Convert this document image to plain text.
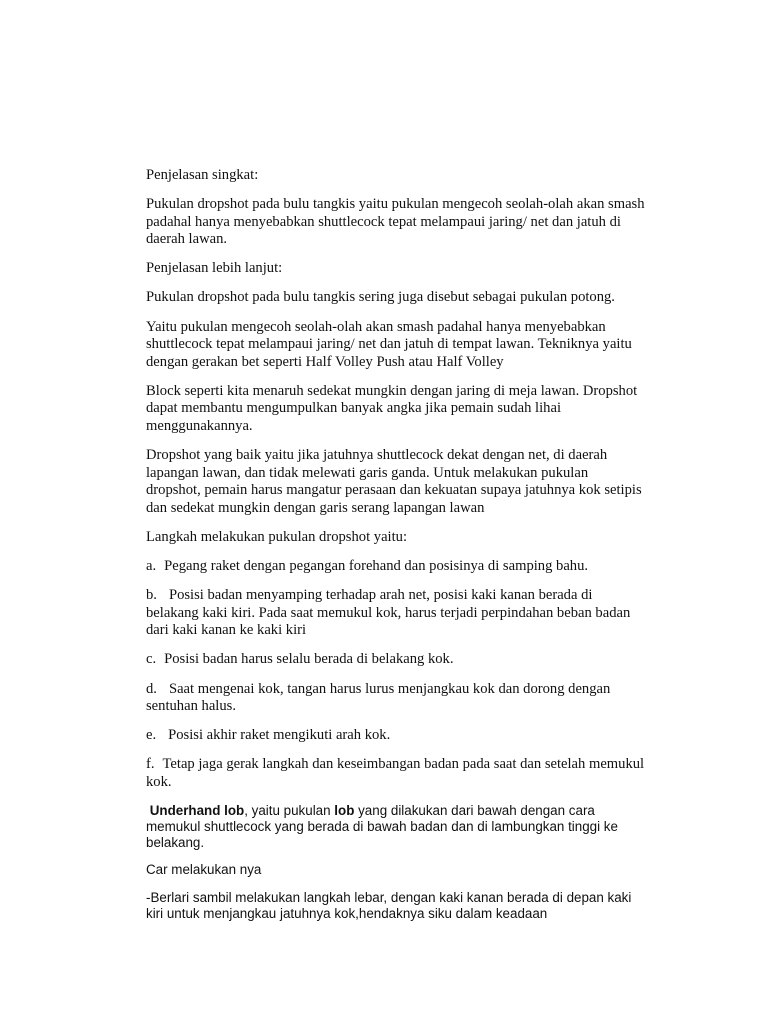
Penjelasan singkat:

Pukulan dropshot pada bulu tangkis yaitu pukulan mengecoh seolah-olah akan smash padahal hanya menyebabkan shuttlecock tepat melampaui jaring/ net dan jatuh di daerah lawan.

Penjelasan lebih lanjut:

Pukulan dropshot pada bulu tangkis sering juga disebut sebagai pukulan potong.

Yaitu pukulan mengecoh seolah-olah akan smash padahal hanya menyebabkan shuttlecock tepat melampaui jaring/ net dan jatuh di tempat lawan. Tekniknya yaitu dengan gerakan bet seperti Half Volley Push atau Half Volley

Block seperti kita menaruh sedekat mungkin dengan jaring di meja lawan. Dropshot dapat membantu mengumpulkan banyak angka jika pemain sudah lihai menggunakannya.

Dropshot yang baik yaitu jika jatuhnya shuttlecock dekat dengan net, di daerah lapangan lawan, dan tidak melewati garis ganda. Untuk melakukan pukulan dropshot, pemain harus mangatur perasaan dan kekuatan supaya jatuhnya kok setipis dan sedekat mungkin dengan garis serang lapangan lawan

Langkah melakukan pukulan dropshot yaitu:

a. Pegang raket dengan pegangan forehand dan posisinya di samping bahu.

b. Posisi badan menyamping terhadap arah net, posisi kaki kanan berada di belakang kaki kiri. Pada saat memukul kok, harus terjadi perpindahan beban badan dari kaki kanan ke kaki kiri

c. Posisi badan harus selalu berada di belakang kok.

d. Saat mengenai kok, tangan harus lurus menjangkau kok dan dorong dengan sentuhan halus.

e. Posisi akhir raket mengikuti arah kok.

f. Tetap jaga gerak langkah dan keseimbangan badan pada saat dan setelah memukul kok.

Underhand lob, yaitu pukulan lob yang dilakukan dari bawah dengan cara memukul shuttlecock yang berada di bawah badan dan di lambungkan tinggi ke belakang.

Car melakukan nya

-Berlari sambil melakukan langkah lebar, dengan kaki kanan berada di depan kaki kiri untuk menjangkau jatuhnya kok,hendaknya siku dalam keadaan
